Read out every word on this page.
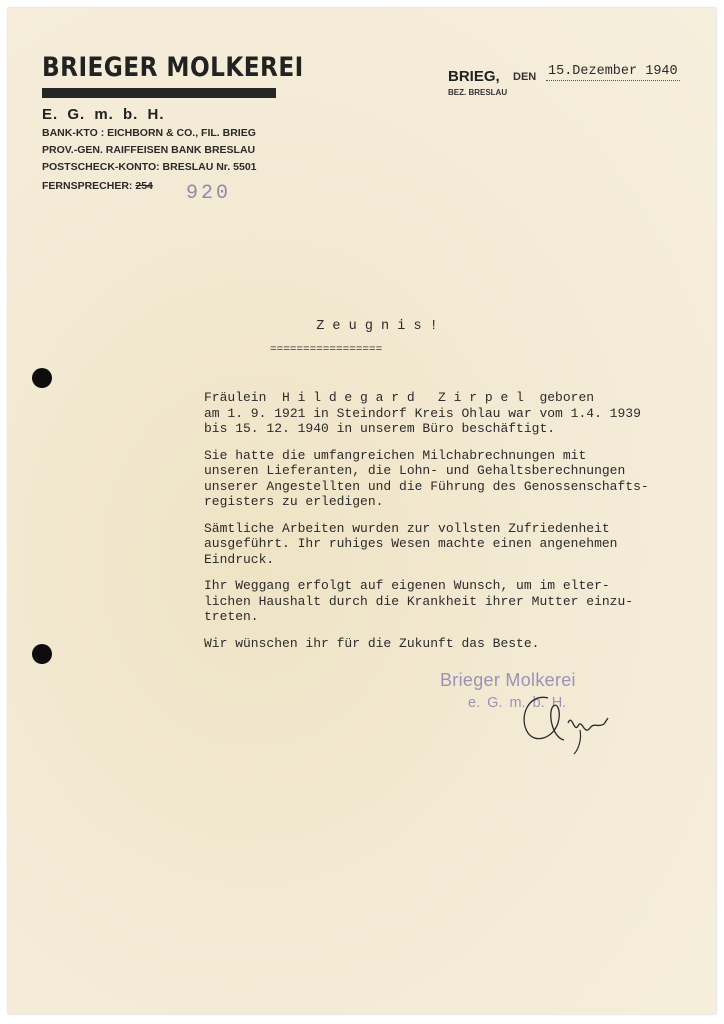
BRIEGER MOLKEREI
E. G. m. b. H.
BANK-KTO : EICHBORN & CO., FIL. BRIEG
PROV.-GEN. RAIFFEISEN BANK BRESLAU
POSTSCHECK-KONTO: BRESLAU Nr. 5501
FERNSPRECHER: 254 920
BRIEG, DEN 15.Dezember 1940
BEZ. BRESLAU
Z e u g n i s !
=================

Fräulein  H i l d e g a r d   Z i r p e l  geboren
am 1. 9. 1921 in Steindorf Kreis Ohlau war vom 1.4. 1939
bis 15. 12. 1940 in unserem Büro beschäftigt.

Sie hatte die umfangreichen Milchabrechnungen mit
unseren Lieferanten, die Lohn- und Gehaltsberechnungen
unserer Angestellten und die Führung des Genossenschafts-
registers zu erledigen.

Sämtliche Arbeiten wurden zur vollsten Zufriedenheit
ausgeführt. Ihr ruhiges Wesen machte einen angenehmen
Eindruck.

Ihr Weggang erfolgt auf eigenen Wunsch, um im elter-
lichen Haushalt durch die Krankheit ihrer Mutter einzu-
treten.

Wir wünschen ihr für die Zukunft das Beste.

Brieger Molkerei
e. G. m. b. H.
